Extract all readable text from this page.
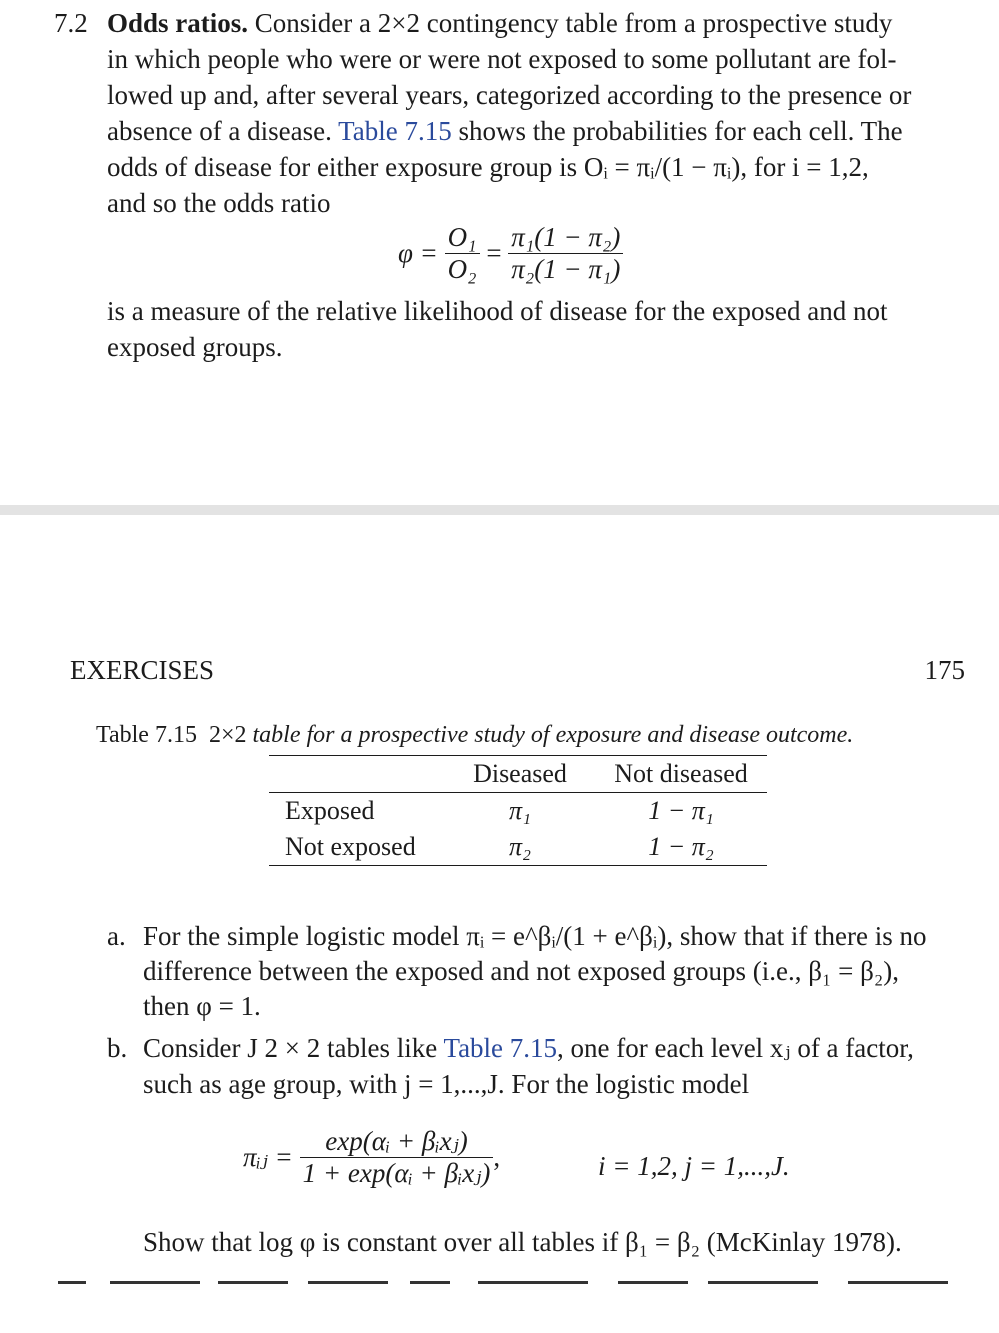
7.2 Odds ratios. Consider a 2×2 contingency table from a prospective study
in which people who were or were not exposed to some pollutant are fol-
lowed up and, after several years, categorized according to the presence or
absence of a disease. Table 7.15 shows the probabilities for each cell. The
odds of disease for either exposure group is Oᵢ = πᵢ/(1 − πᵢ), for i = 1,2,
and so the odds ratio
$\varphi = \frac{\text{O₁}}{\text{O₂}} = \frac{\text{π₁(1 − π₂)}}{\text{π₂(1 − π₁)}}$
is a measure of the relative likelihood of disease for the exposed and not
exposed groups.
EXERCISES	175
Table 7.15 2×2 table for a prospective study of exposure and disease outcome.
	Diseased	Not diseased
Exposed	π₁	1 − π₁
Not exposed	π₂	1 − π₂
a. For the simple logistic model πᵢ = e^βᵢ/(1 + e^βᵢ), show that if there is no
difference between the exposed and not exposed groups (i.e., β₁ = β₂),
then φ = 1.
b. Consider J 2 × 2 tables like Table 7.15, one for each level xⱼ of a factor,
such as age group, with j = 1,...,J. For the logistic model
πᵢⱼ = $\frac{\text{exp(αᵢ + βᵢxⱼ)}}{\text{1 + exp(αᵢ + βᵢxⱼ)}}$ ,	i = 1,2, j = 1,...,J.
Show that log φ is constant over all tables if β₁ = β₂ (McKinlay 1978).
